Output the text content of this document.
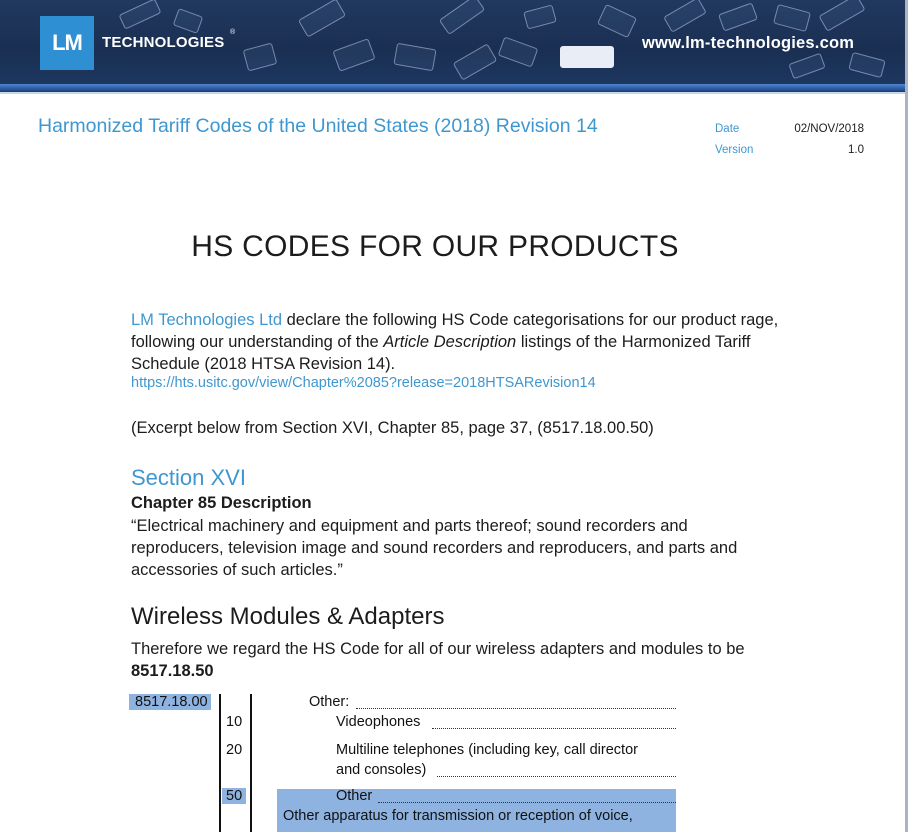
LM	TECHNOLOGIES
®
www.lm-technologies.com
Harmonized Tariff Codes of the United States (2018) Revision 14	Date	02/NOV/2018
Version	1.0
HS CODES FOR OUR PRODUCTS
LM Technologies Ltd declare the following HS Code categorisations for our product rage, following our understanding of the Article Description listings of the Harmonized Tariff Schedule (2018 HTSA Revision 14).
https://hts.usitc.gov/view/Chapter%2085?release=2018HTSARevision14
(Excerpt below from Section XVI, Chapter 85, page 37, (8517.18.00.50)
Section XVI
Chapter 85 Description
“Electrical machinery and equipment and parts thereof; sound recorders and reproducers, television image and sound recorders and reproducers, and parts and accessories of such articles.”
Wireless Modules & Adapters
Therefore we regard the HS Code for all of our wireless adapters and modules to be 8517.18.50
8517.18.00	Other:
10	Videophones
20	Multiline telephones (including key, call director
and consoles)
50	Other
Other apparatus for transmission or reception of voice,
